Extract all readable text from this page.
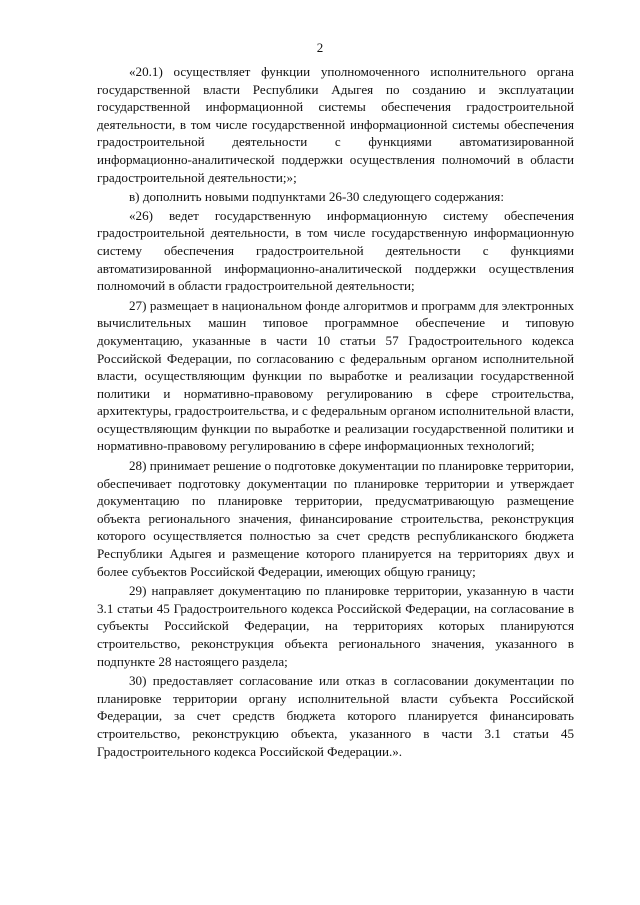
2

«20.1) осуществляет функции уполномоченного исполнительного органа государственной власти Республики Адыгея по созданию и эксплуатации государственной информационной системы обеспечения градостроительной деятельности, в том числе государственной информационной системы обеспечения градостроительной деятельности с функциями автоматизированной информационно-аналитической поддержки осуществления полномочий в области градостроительной деятельности;»;

в) дополнить новыми подпунктами 26-30 следующего содержания:

«26) ведет государственную информационную систему обеспечения градостроительной деятельности, в том числе государственную информационную систему обеспечения градостроительной деятельности с функциями автоматизированной информационно-аналитической поддержки осуществления полномочий в области градостроительной деятельности;

27) размещает в национальном фонде алгоритмов и программ для электронных вычислительных машин типовое программное обеспечение и типовую документацию, указанные в части 10 статьи 57 Градостроительного кодекса Российской Федерации, по согласованию с федеральным органом исполнительной власти, осуществляющим функции по выработке и реализации государственной политики и нормативно-правовому регулированию в сфере строительства, архитектуры, градостроительства, и с федеральным органом исполнительной власти, осуществляющим функции по выработке и реализации государственной политики и нормативно-правовому регулированию в сфере информационных технологий;

28) принимает решение о подготовке документации по планировке территории, обеспечивает подготовку документации по планировке территории и утверждает документацию по планировке территории, предусматривающую размещение объекта регионального значения, финансирование строительства, реконструкция которого осуществляется полностью за счет средств республиканского бюджета Республики Адыгея и размещение которого планируется на территориях двух и более субъектов Российской Федерации, имеющих общую границу;

29) направляет документацию по планировке территории, указанную в части 3.1 статьи 45 Градостроительного кодекса Российской Федерации, на согласование в субъекты Российской Федерации, на территориях которых планируются строительство, реконструкция объекта регионального значения, указанного в подпункте 28 настоящего раздела;

30) предоставляет согласование или отказ в согласовании документации по планировке территории органу исполнительной власти субъекта Российской Федерации, за счет средств бюджета которого планируется финансировать строительство, реконструкцию объекта, указанного в части 3.1 статьи 45 Градостроительного кодекса Российской Федерации.».
